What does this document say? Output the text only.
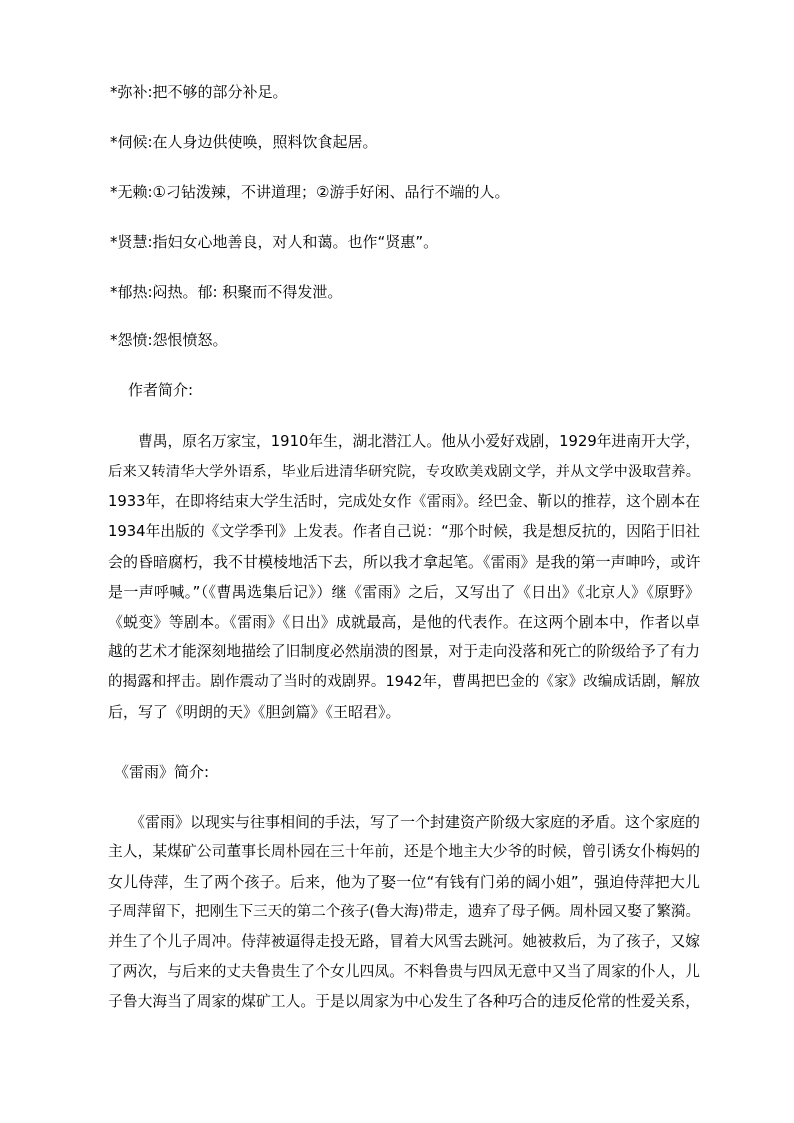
*弥补:把不够的部分补足。
*伺候:在人身边供使唤，照料饮食起居。
*无赖:①刁钻泼辣，不讲道理；②游手好闲、品行不端的人。
*贤慧:指妇女心地善良，对人和蔼。也作“贤惠”。
*郁热:闷热。郁: 积聚而不得发泄。
*怨愤:怨恨愤怒。
作者简介:
曹禺，原名万家宝，1910年生，湖北潜江人。他从小爱好戏剧，1929年进南开大学，
后来又转清华大学外语系，毕业后进清华研究院，专攻欧美戏剧文学，并从文学中汲取营养。
1933年，在即将结束大学生活时，完成处女作《雷雨》。经巴金、靳以的推荐，这个剧本在
1934年出版的《文学季刊》上发表。作者自己说：“那个时候，我是想反抗的，因陷于旧社
会的昏暗腐朽，我不甘模棱地活下去，所以我才拿起笔。《雷雨》是我的第一声呻吟，或许
是一声呼喊。”（《曹禺选集后记》）继《雷雨》之后，又写出了《日出》《北京人》《原野》
《蜕变》等剧本。《雷雨》《日出》成就最高，是他的代表作。在这两个剧本中，作者以卓
越的艺术才能深刻地描绘了旧制度必然崩溃的图景，对于走向没落和死亡的阶级给予了有力
的揭露和抨击。剧作震动了当时的戏剧界。1942年，曹禺把巴金的《家》改编成话剧，解放
后，写了《明朗的天》《胆剑篇》《王昭君》。
《雷雨》简介:
《雷雨》以现实与往事相间的手法，写了一个封建资产阶级大家庭的矛盾。这个家庭的
主人，某煤矿公司董事长周朴园在三十年前，还是个地主大少爷的时候，曾引诱女仆梅妈的
女儿侍萍，生了两个孩子。后来，他为了娶一位“有钱有门弟的阔小姐”，强迫侍萍把大儿
子周萍留下，把刚生下三天的第二个孩子(鲁大海)带走，遗弃了母子俩。周朴园又娶了繁漪。
并生了个儿子周冲。侍萍被逼得走投无路，冒着大风雪去跳河。她被救后，为了孩子，又嫁
了两次，与后来的丈夫鲁贵生了个女儿四凤。不料鲁贵与四凤无意中又当了周家的仆人，儿
子鲁大海当了周家的煤矿工人。于是以周家为中心发生了各种巧合的违反伦常的性爱关系，
